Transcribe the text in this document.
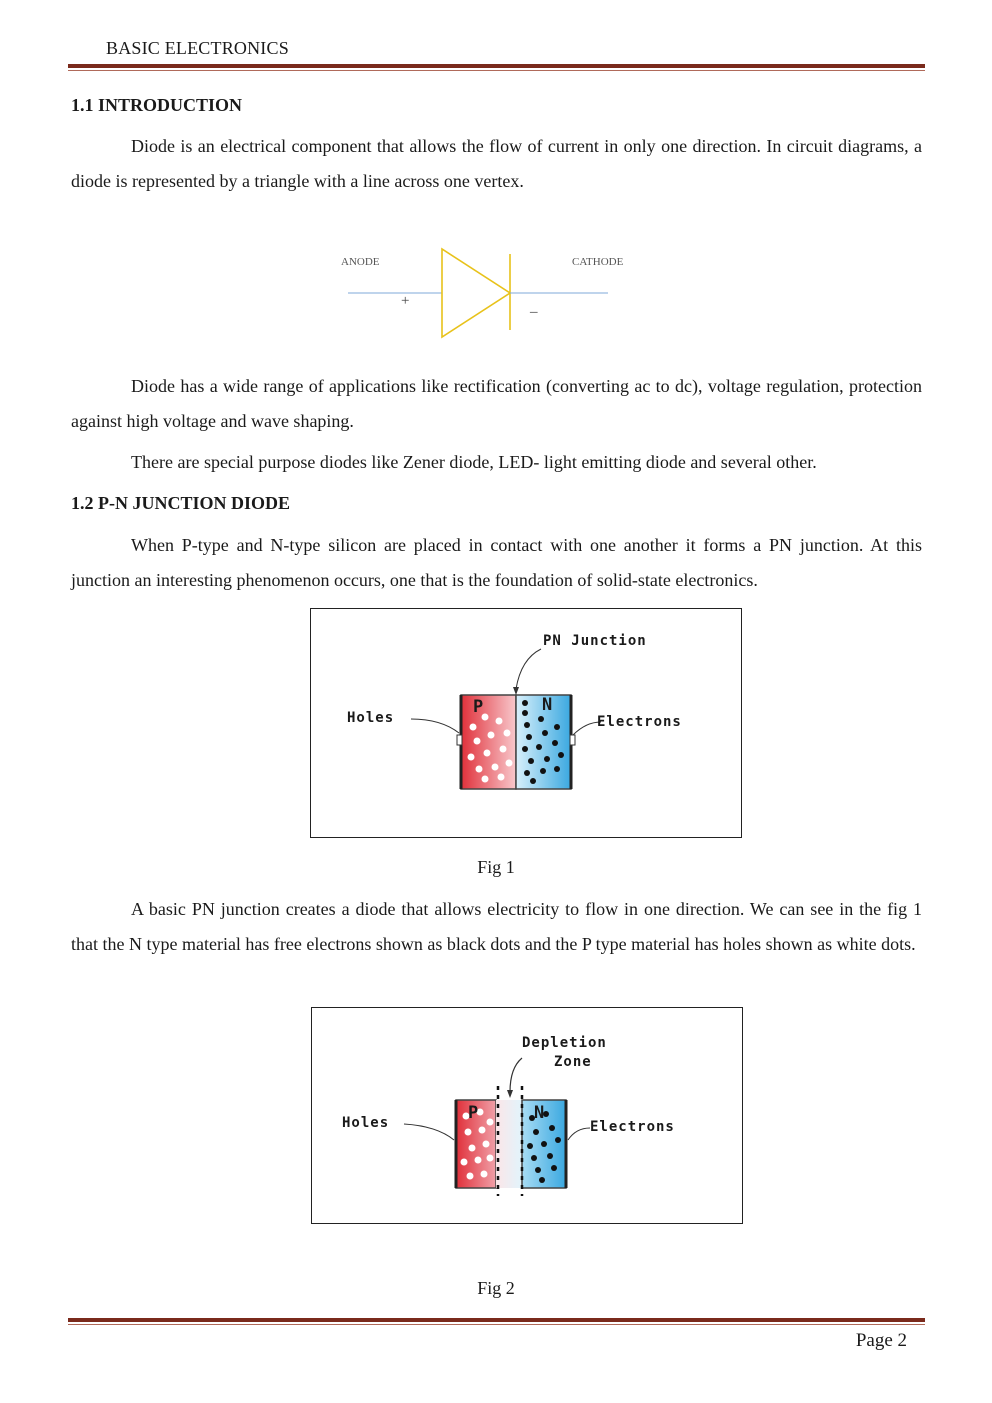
BASIC ELECTRONICS
1.1 INTRODUCTION
Diode is an electrical component that allows the flow of current in only one direction. In circuit diagrams, a diode is represented by a triangle with a line across one vertex.
ANODE	CATHODE
+	_
Diode has a wide range of applications like rectification (converting ac to dc), voltage regulation, protection against high voltage and wave shaping.
There are special purpose diodes like Zener diode, LED- light emitting diode and several other.
1.2 P-N JUNCTION DIODE
When P-type and N-type silicon are placed in contact with one another it forms a PN junction. At this junction an interesting phenomenon occurs, one that is the foundation of solid-state electronics.
PN Junction
Holes	Electrons
P	N
Fig 1
A basic PN junction creates a diode that allows electricity to flow in one direction. We can see in the fig 1 that the N type material has free electrons shown as black dots and the P type material has holes shown as white dots.
Depletion
Zone
Holes	Electrons
P	N
Fig 2
Page 2
